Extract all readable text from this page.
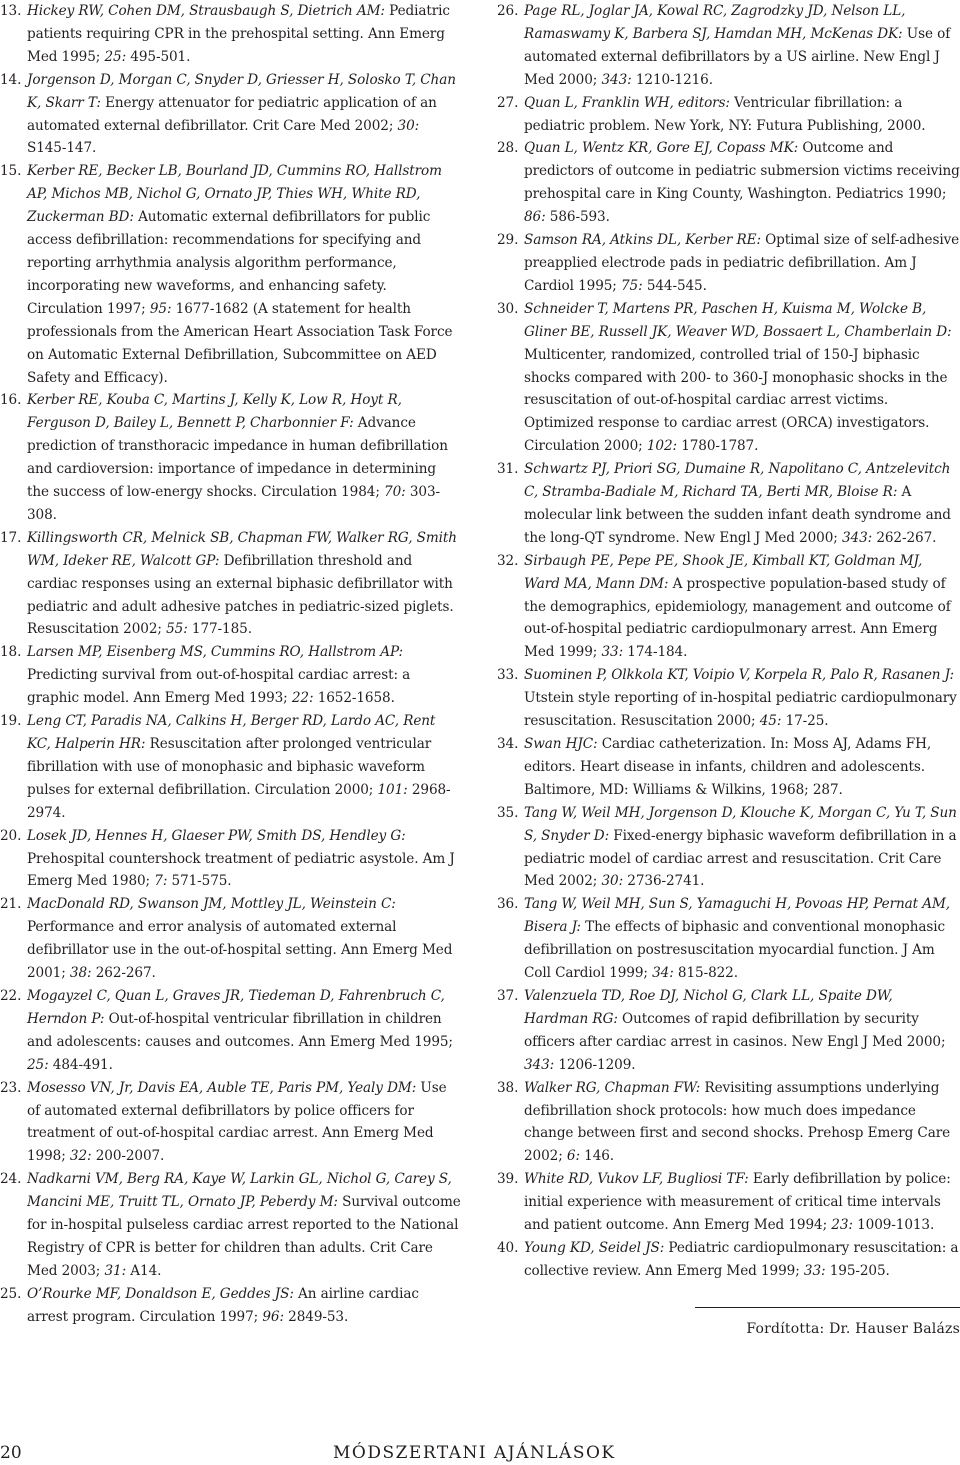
13. Hickey RW, Cohen DM, Strausbaugh S, Dietrich AM: Pediatric patients requiring CPR in the prehospital setting. Ann Emerg Med 1995; 25: 495-501.
14. Jorgenson D, Morgan C, Snyder D, Griesser H, Solosko T, Chan K, Skarr T: Energy attenuator for pediatric application of an automated external defibrillator. Crit Care Med 2002; 30: S145-147.
15. Kerber RE, Becker LB, Bourland JD, Cummins RO, Hallstrom AP, Michos MB, Nichol G, Ornato JP, Thies WH, White RD, Zuckerman BD: Automatic external defibrillators for public access defibrillation: recommendations for specifying and reporting arrhythmia analysis algorithm performance, incorporating new waveforms, and enhancing safety. Circulation 1997; 95: 1677-1682 (A statement for health professionals from the American Heart Association Task Force on Automatic External Defibrillation, Subcommittee on AED Safety and Efficacy).
16. Kerber RE, Kouba C, Martins J, Kelly K, Low R, Hoyt R, Ferguson D, Bailey L, Bennett P, Charbonnier F: Advance prediction of transthoracic impedance in human defibrillation and cardioversion: importance of impedance in determining the success of low-energy shocks. Circulation 1984; 70: 303-308.
17. Killingsworth CR, Melnick SB, Chapman FW, Walker RG, Smith WM, Ideker RE, Walcott GP: Defibrillation threshold and cardiac responses using an external biphasic defibrillator with pediatric and adult adhesive patches in pediatric-sized piglets. Resuscitation 2002; 55: 177-185.
18. Larsen MP, Eisenberg MS, Cummins RO, Hallstrom AP: Predicting survival from out-of-hospital cardiac arrest: a graphic model. Ann Emerg Med 1993; 22: 1652-1658.
19. Leng CT, Paradis NA, Calkins H, Berger RD, Lardo AC, Rent KC, Halperin HR: Resuscitation after prolonged ventricular fibrillation with use of monophasic and biphasic waveform pulses for external defibrillation. Circulation 2000; 101: 2968-2974.
20. Losek JD, Hennes H, Glaeser PW, Smith DS, Hendley G: Prehospital countershock treatment of pediatric asystole. Am J Emerg Med 1980; 7: 571-575.
21. MacDonald RD, Swanson JM, Mottley JL, Weinstein C: Performance and error analysis of automated external defibrillator use in the out-of-hospital setting. Ann Emerg Med 2001; 38: 262-267.
22. Mogayzel C, Quan L, Graves JR, Tiedeman D, Fahrenbruch C, Herndon P: Out-of-hospital ventricular fibrillation in children and adolescents: causes and outcomes. Ann Emerg Med 1995; 25: 484-491.
23. Mosesso VN, Jr, Davis EA, Auble TE, Paris PM, Yealy DM: Use of automated external defibrillators by police officers for treatment of out-of-hospital cardiac arrest. Ann Emerg Med 1998; 32: 200-2007.
24. Nadkarni VM, Berg RA, Kaye W, Larkin GL, Nichol G, Carey S, Mancini ME, Truitt TL, Ornato JP, Peberdy M: Survival outcome for in-hospital pulseless cardiac arrest reported to the National Registry of CPR is better for children than adults. Crit Care Med 2003; 31: A14.
25. O’Rourke MF, Donaldson E, Geddes JS: An airline cardiac arrest program. Circulation 1997; 96: 2849-53.
26. Page RL, Joglar JA, Kowal RC, Zagrodzky JD, Nelson LL, Ramaswamy K, Barbera SJ, Hamdan MH, McKenas DK: Use of automated external defibrillators by a US airline. New Engl J Med 2000; 343: 1210-1216.
27. Quan L, Franklin WH, editors: Ventricular fibrillation: a pediatric problem. New York, NY: Futura Publishing, 2000.
28. Quan L, Wentz KR, Gore EJ, Copass MK: Outcome and predictors of outcome in pediatric submersion victims receiving prehospital care in King County, Washington. Pediatrics 1990; 86: 586-593.
29. Samson RA, Atkins DL, Kerber RE: Optimal size of self-adhesive preapplied electrode pads in pediatric defibrillation. Am J Cardiol 1995; 75: 544-545.
30. Schneider T, Martens PR, Paschen H, Kuisma M, Wolcke B, Gliner BE, Russell JK, Weaver WD, Bossaert L, Chamberlain D: Multicenter, randomized, controlled trial of 150-J biphasic shocks compared with 200- to 360-J monophasic shocks in the resuscitation of out-of-hospital cardiac arrest victims. Optimized response to cardiac arrest (ORCA) investigators. Circulation 2000; 102: 1780-1787.
31. Schwartz PJ, Priori SG, Dumaine R, Napolitano C, Antzelevitch C, Stramba-Badiale M, Richard TA, Berti MR, Bloise R: A molecular link between the sudden infant death syndrome and the long-QT syndrome. New Engl J Med 2000; 343: 262-267.
32. Sirbaugh PE, Pepe PE, Shook JE, Kimball KT, Goldman MJ, Ward MA, Mann DM: A prospective population-based study of the demographics, epidemiology, management and outcome of out-of-hospital pediatric cardiopulmonary arrest. Ann Emerg Med 1999; 33: 174-184.
33. Suominen P, Olkkola KT, Voipio V, Korpela R, Palo R, Rasanen J: Utstein style reporting of in-hospital pediatric cardiopulmonary resuscitation. Resuscitation 2000; 45: 17-25.
34. Swan HJC: Cardiac catheterization. In: Moss AJ, Adams FH, editors. Heart disease in infants, children and adolescents. Baltimore, MD: Williams & Wilkins, 1968; 287.
35. Tang W, Weil MH, Jorgenson D, Klouche K, Morgan C, Yu T, Sun S, Snyder D: Fixed-energy biphasic waveform defibrillation in a pediatric model of cardiac arrest and resuscitation. Crit Care Med 2002; 30: 2736-2741.
36. Tang W, Weil MH, Sun S, Yamaguchi H, Povoas HP, Pernat AM, Bisera J: The effects of biphasic and conventional monophasic defibrillation on postresuscitation myocardial function. J Am Coll Cardiol 1999; 34: 815-822.
37. Valenzuela TD, Roe DJ, Nichol G, Clark LL, Spaite DW, Hardman RG: Outcomes of rapid defibrillation by security officers after cardiac arrest in casinos. New Engl J Med 2000; 343: 1206-1209.
38. Walker RG, Chapman FW: Revisiting assumptions underlying defibrillation shock protocols: how much does impedance change between first and second shocks. Prehosp Emerg Care 2002; 6: 146.
39. White RD, Vukov LF, Bugliosi TF: Early defibrillation by police: initial experience with measurement of critical time intervals and patient outcome. Ann Emerg Med 1994; 23: 1009-1013.
40. Young KD, Seidel JS: Pediatric cardiopulmonary resuscitation: a collective review. Ann Emerg Med 1999; 33: 195-205.
Fordította: Dr. Hauser Balázs
20	MÓDSZERTANI AJÁNLÁSOK
